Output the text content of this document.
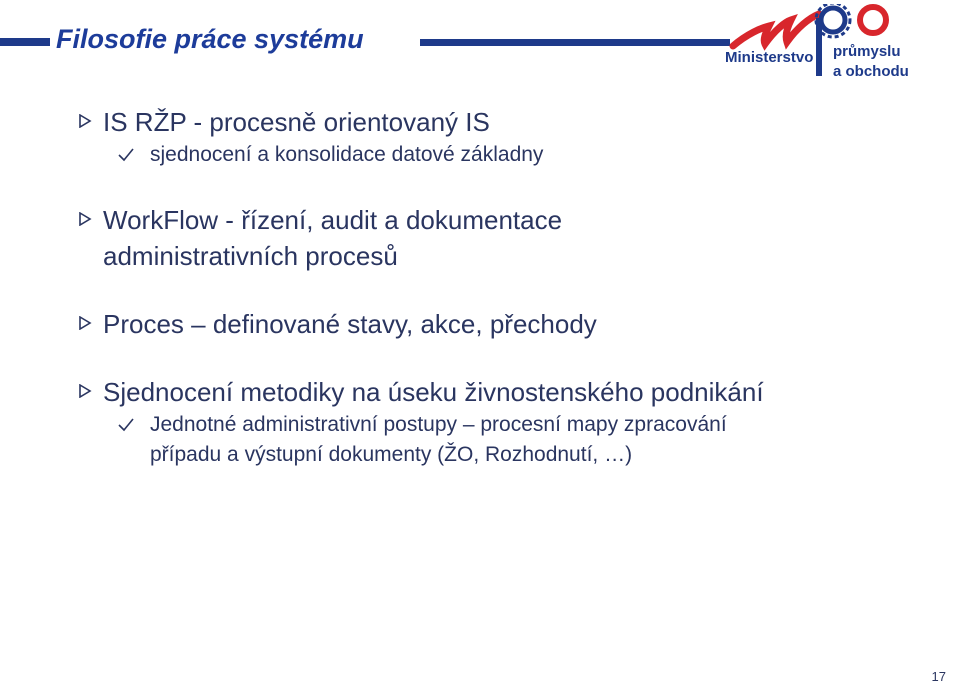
Filosofie práce systému
Ministerstvo průmyslu
a obchodu
IS RŽP - procesně orientovaný IS
sjednocení a konsolidace datové základny
WorkFlow - řízení, audit a dokumentace
administrativních procesů
Proces – definované stavy, akce, přechody
Sjednocení metodiky na úseku živnostenského podnikání
Jednotné administrativní postupy – procesní mapy zpracování
případu a výstupní dokumenty (ŽO, Rozhodnutí, …)
17
